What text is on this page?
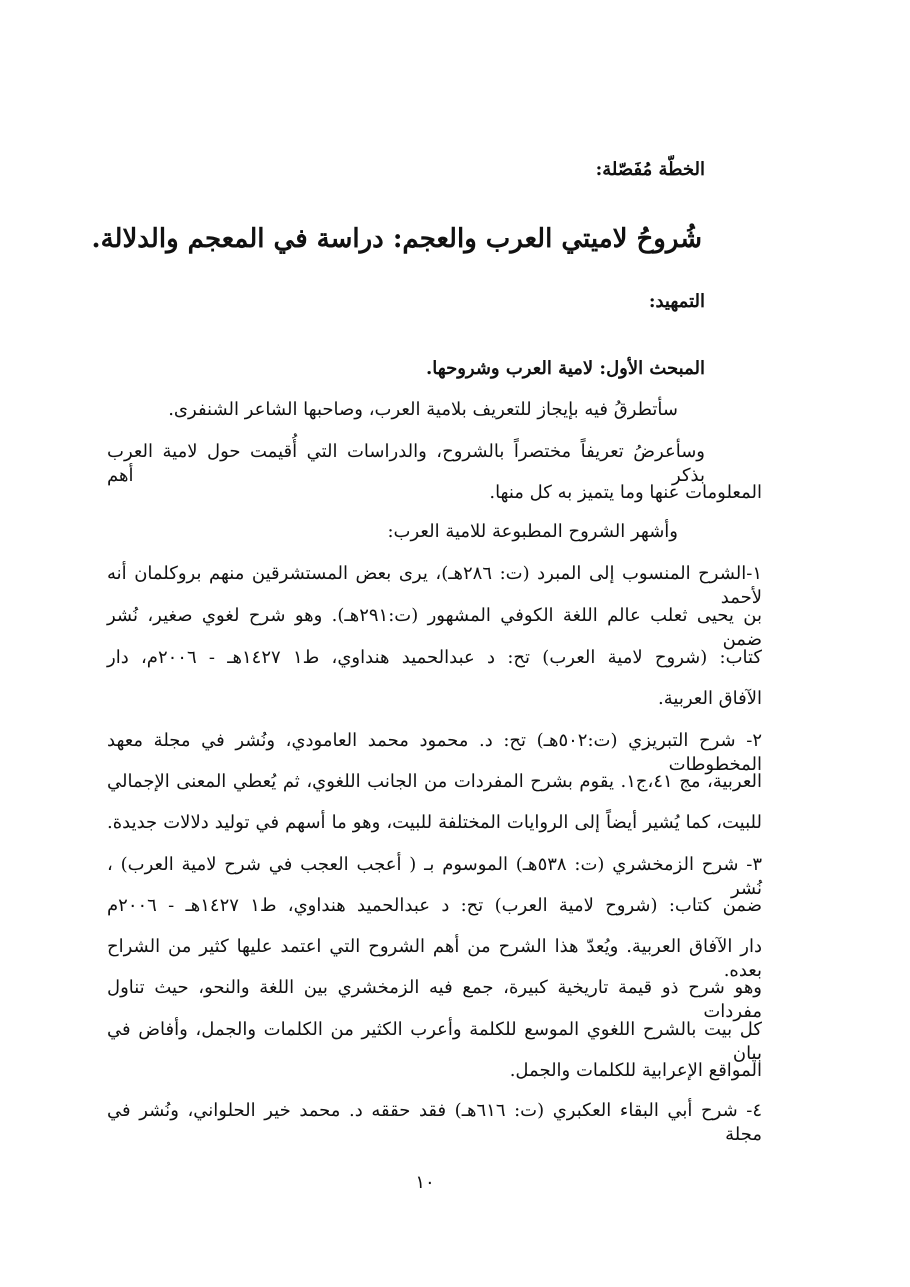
الخطّة مُفَصّلة:

شُروحُ لاميتي العرب والعجم: دراسة في المعجم والدلالة.

التمهيد:

المبحث الأول: لامية العرب وشروحها.

سأتطرقُ فيه بإيجاز للتعريف بلامية العرب، وصاحبها الشاعر الشنفرى.

وسأعرضُ تعريفاً مختصراً بالشروح، والدراسات التي أُقيمت حول لامية العرب بذكر أهم

المعلومات عنها وما يتميز به كل منها.

وأشهر الشروح المطبوعة للامية العرب:

١-الشرح المنسوب إلى المبرد (ت: ٢٨٦هـ)، يرى بعض المستشرقين منهم بروكلمان أنه لأحمد

بن يحيى ثعلب عالم اللغة الكوفي المشهور (ت:٢٩١هـ). وهو شرح لغوي صغير، نُشر ضمن

كتاب: (شروح لامية العرب) تح: د عبدالحميد هنداوي، ط١ ١٤٢٧هـ - ٢٠٠٦م، دار

الآفاق العربية.

٢- شرح التبريزي (ت:٥٠٢هـ) تح: د. محمود محمد العامودي، ونُشر في مجلة معهد المخطوطات

العربية، مج ٤١،ج١. يقوم بشرح المفردات من الجانب اللغوي، ثم يُعطي المعنى الإجمالي

للبيت، كما يُشير أيضاً إلى الروايات المختلفة للبيت، وهو ما أسهم في توليد دلالات جديدة.

٣- شرح الزمخشري (ت: ٥٣٨هـ) الموسوم بـ ( أعجب العجب في شرح لامية العرب) ، نُشر

ضمن كتاب: (شروح لامية العرب) تح: د عبدالحميد هنداوي، ط١ ١٤٢٧هـ - ٢٠٠٦م

دار الآفاق العربية. ويُعدّ هذا الشرح من أهم الشروح التي اعتمد عليها كثير من الشراح بعده.

وهو شرح ذو قيمة تاريخية كبيرة، جمع فيه الزمخشري بين اللغة والنحو، حيث تناول مفردات

كل بيت بالشرح اللغوي الموسع للكلمة وأعرب الكثير من الكلمات والجمل، وأفاض في بيان

المواقع الإعرابية للكلمات والجمل.

٤- شرح أبي البقاء العكبري (ت: ٦١٦هـ) فقد حققه د. محمد خير الحلواني، ونُشر في مجلة

١٠
